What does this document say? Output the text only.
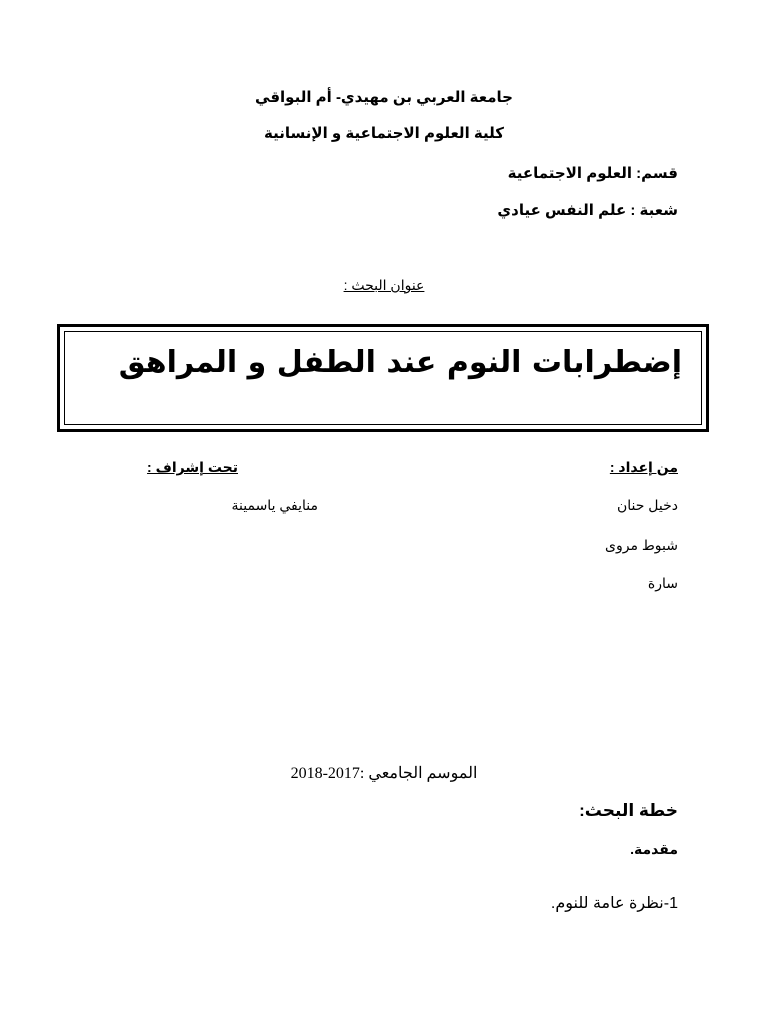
جامعة العربي بن مهيدي- أم البواقي
كلية العلوم الاجتماعية و الإنسانية
قسم: العلوم الاجتماعية
شعبة : علم النفس عيادي
عنوان البحث :
إضطرابات النوم عند الطفل و المراهق
من إعداد :
تحت إشراف :
دخيل حنان
منايفي ياسمينة
شبوط مروى
سارة
الموسم الجامعي :2017-2018
خطة البحث:
مقدمة.
1-نظرة عامة للنوم.
